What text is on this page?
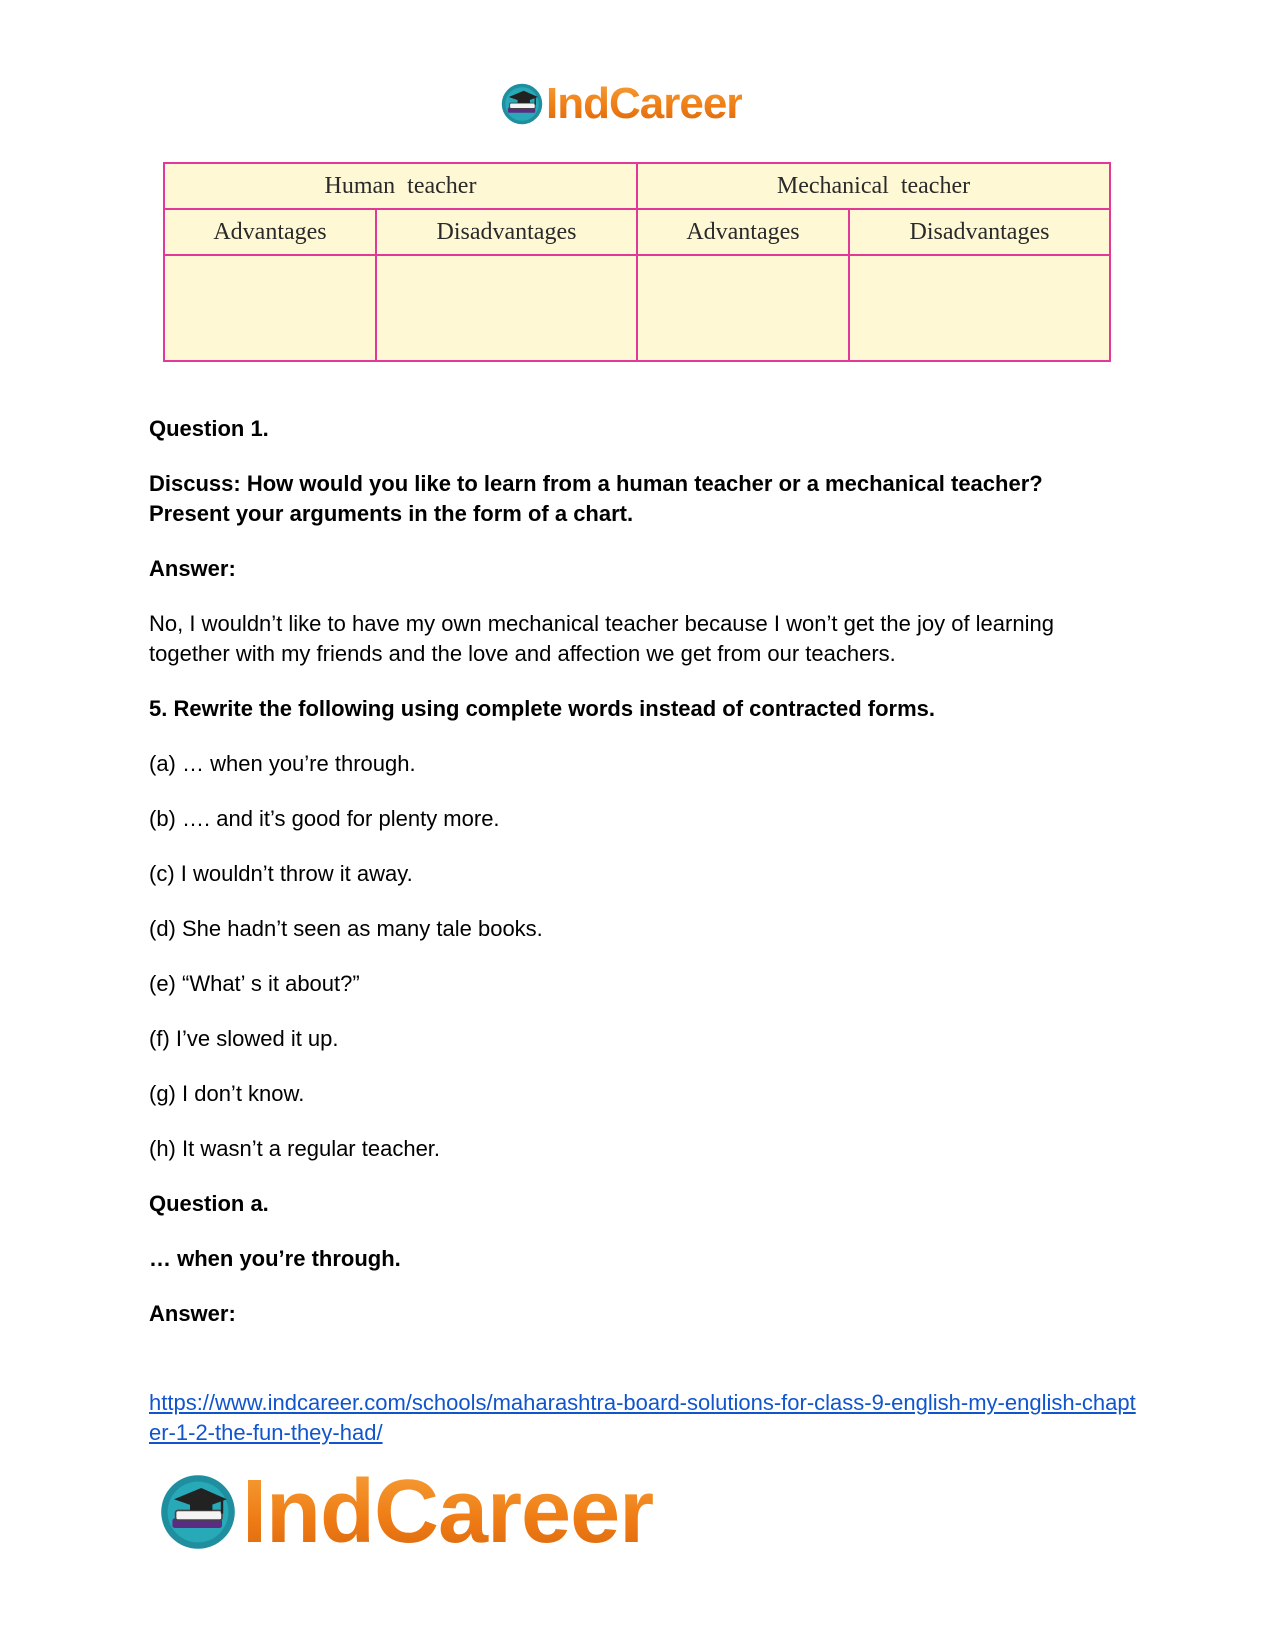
IndCareer
Human teacher		Mechanical teacher	
Advantages	Disadvantages	Advantages	Disadvantages

Question 1.

Discuss: How would you like to learn from a human teacher or a mechanical teacher? Present your arguments in the form of a chart.

Answer:

No, I wouldn’t like to have my own mechanical teacher because I won’t get the joy of learning together with my friends and the love and affection we get from our teachers.

5. Rewrite the following using complete words instead of contracted forms.

(a) … when you’re through.

(b) …. and it’s good for plenty more.

(c) I wouldn’t throw it away.

(d) She hadn’t seen as many tale books.

(e) “What’ s it about?”

(f) I’ve slowed it up.

(g) I don’t know.

(h) It wasn’t a regular teacher.

Question a.

… when you’re through.

Answer:

https://www.indcareer.com/schools/maharashtra-board-solutions-for-class-9-english-my-english-chapter-1-2-the-fun-they-had/
IndCareer
